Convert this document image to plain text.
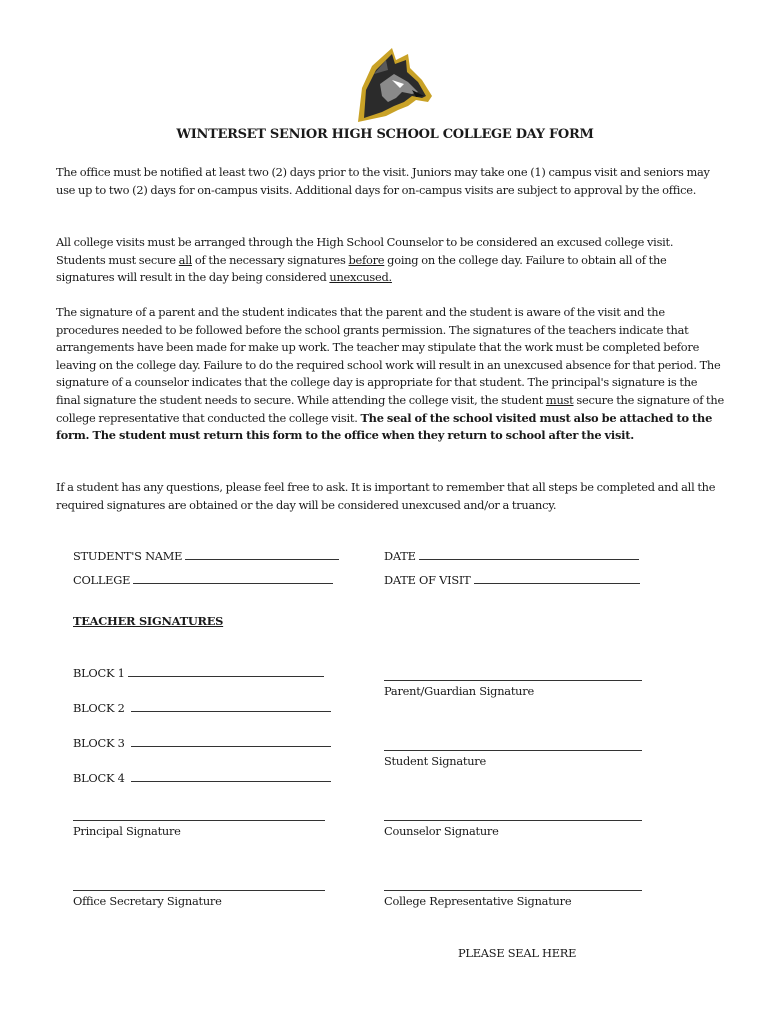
WINTERSET SENIOR HIGH SCHOOL COLLEGE DAY FORM

The office must be notified at least two (2) days prior to the visit. Juniors may take one (1) campus visit and seniors may use up to two (2) days for on-campus visits. Additional days for on-campus visits are subject to approval by the office.

All college visits must be arranged through the High School Counselor to be considered an excused college visit. Students must secure all of the necessary signatures before going on the college day. Failure to obtain all of the signatures will result in the day being considered unexcused.

The signature of a parent and the student indicates that the parent and the student is aware of the visit and the procedures needed to be followed before the school grants permission. The signatures of the teachers indicate that arrangements have been made for make up work. The teacher may stipulate that the work must be completed before leaving on the college day. Failure to do the required school work will result in an unexcused absence for that period. The signature of a counselor indicates that the college day is appropriate for that student. The principal's signature is the final signature the student needs to secure. While attending the college visit, the student must secure the signature of the college representative that conducted the college visit. The seal of the school visited must also be attached to the form. The student must return this form to the office when they return to school after the visit.

If a student has any questions, please feel free to ask. It is important to remember that all steps be completed and all the required signatures are obtained or the day will be considered unexcused and/or a truancy.

STUDENT'S NAME	DATE
COLLEGE	DATE OF VISIT
TEACHER SIGNATURES
BLOCK 1
BLOCK 2
BLOCK 3
BLOCK 4
Parent/Guardian Signature
Student Signature
Principal Signature	Counselor Signature
Office Secretary Signature	College Representative Signature
PLEASE SEAL HERE
